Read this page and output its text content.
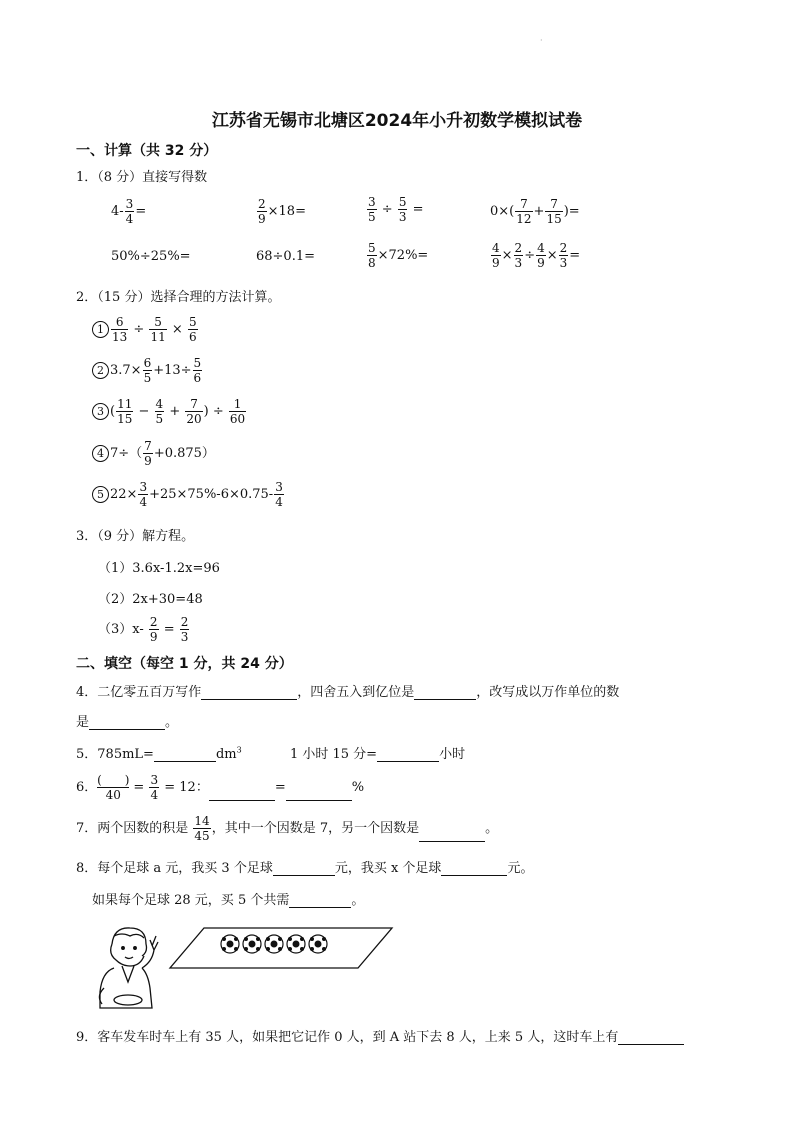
·
江苏省无锡市北塘区2024年小升初数学模拟试卷
一、计算（共 32 分）
1．（8 分）直接写得数
$4- \frac{3}{4}$ =	$\frac{2}{9} \times 18=$	$\frac{3}{5} \div \frac{5}{3}$ =	$0\times( \frac{7}{12} + \frac{7}{15}$ )=
50%÷25%=	68÷0.1=	$\frac{5}{8} \times 72\%=$	$\frac{4}{9} \times \frac{2}{3} \div \frac{4}{9} \times \frac{2}{3}$ =
2．（15 分）选择合理的方法计算。
$1 \frac{6}{13} \div \frac{5}{11} \times \frac{5}{6}$
2 $3.7\times \frac{6}{5} +13\div \frac{5}{6}$
3 ( $\frac{11}{15} - \frac{4}{5} + \frac{7}{20}$ ) ÷ $\frac{1}{60}$
4 $7\div( \frac{7}{9} +0.875)$
5 $22\times \frac{3}{4} +25\times 75\%-6\times 0.75- \frac{3}{4}$
3．（9 分）解方程。
（1）3.6x-1.2x=96
（2）2x+30=48
$(3)x- \frac{2}{9} = \frac{2}{3}$
二、填空（每空 1 分，共 24 分）
4．二亿零五百万写作	，四舍五入到亿位是	，改写成以万作单位的数
是	。
5．785mL=	$dm^3$	1 小时 15 分=	小时
6． $\frac{( )}{40} = \frac{3}{4} = 12$：	=	%
7．两个因数的积是 $\frac{14}{45}$ ，其中一个因数是 7，另一个因数是	。
8．每个足球 a 元，我买 3 个足球	元，我买 x 个足球	元。
如果每个足球 28 元，买 5 个共需	。
9．客车发车时车上有 35 人，如果把它记作 0 人，到 A 站下去 8 人，上来 5 人，这时车上有
